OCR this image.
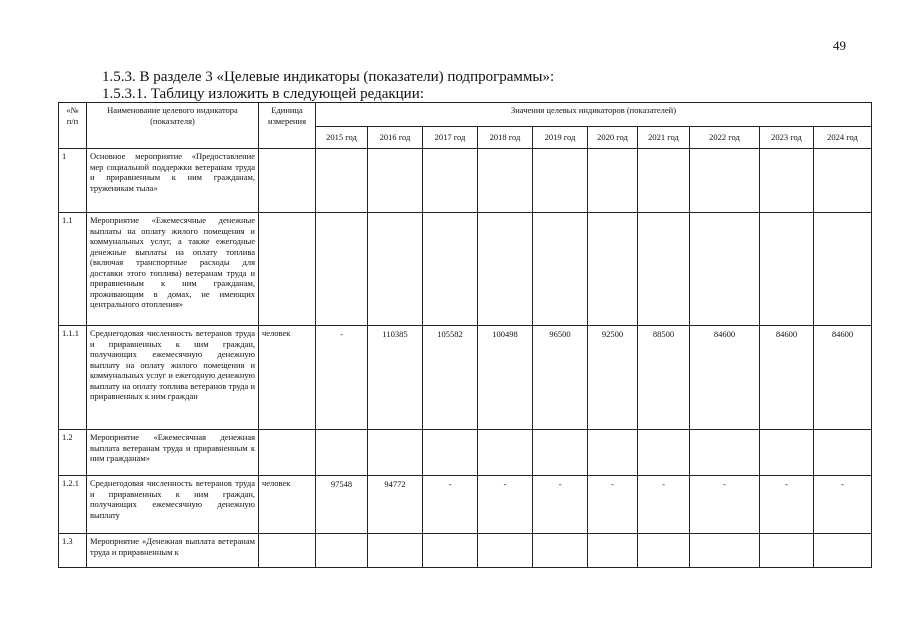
49
1.5.3. В разделе 3 «Целевые индикаторы (показатели) подпрограммы»:
1.5.3.1. Таблицу изложить в следующей редакции:
«№ п/п	Наименование целевого индикатора (показателя)	Единица измерения	Значения целевых индикаторов (показателей)									
			2015 год	2016 год	2017 год	2018 год	2019 год	2020 год	2021 год	2022 год	2023 год	2024 год
1	Основное мероприятие «Предоставление мер социальной поддержки ветеранам труда и приравненным к ним гражданам, труженикам тыла»											
1.1	Мероприятие «Ежемесячные денежные выплаты на оплату жилого помещения и коммунальных услуг, а также ежегодные денежные выплаты на оплату топлива (включая транспортные расходы для доставки этого топлива) ветеранам труда и приравненным к ним гражданам, проживающим в домах, не имеющих центрального отопления»											
1.1.1	Среднегодовая численность ветеранов труда и приравненных к ним граждан, получающих ежемесячную денежную выплату на оплату жилого помещения и коммунальных услуг и ежегодную денежную выплату на оплату топлива ветеранов труда и приравненных к ним граждан	человек	-	110385	105582	100498	96500	92500	88500	84600	84600	84600
1.2	Мероприятие «Ежемесячная денежная выплата ветеранам труда и приравненным к ним гражданам»											
1.2.1	Среднегодовая численность ветеранов труда и приравненных к ним граждан, получающих ежемесячную денежную выплату	человек	97548	94772	-	-	-	-	-	-	-	-
1.3	Мероприятие «Денежная выплата ветеранам труда и приравненным к											
